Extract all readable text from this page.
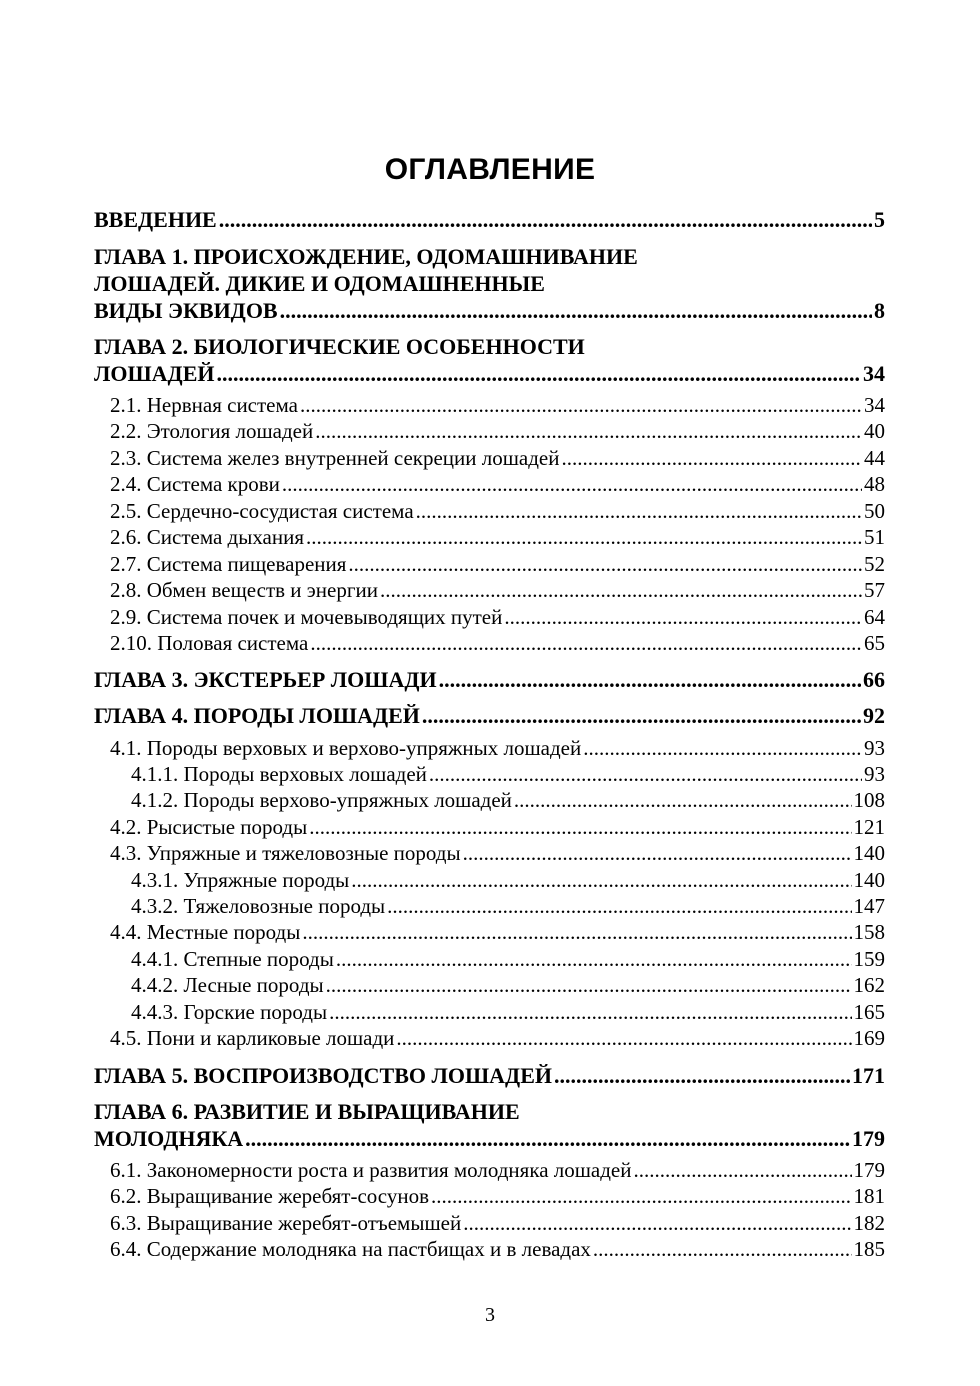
ОГЛАВЛЕНИЕ
ВВЕДЕНИЕ .....	5
ГЛАВА 1. ПРОИСХОЖДЕНИЕ, ОДОМАШНИВАНИЕ
ЛОШАДЕЙ. ДИКИЕ И ОДОМАШНЕННЫЕ
ВИДЫ ЭКВИДОВ .....	8
ГЛАВА 2. БИОЛОГИЧЕСКИЕ ОСОБЕННОСТИ
ЛОШАДЕЙ .....	34
2.1. Нервная система .....	34
2.2. Этология лошадей .....	40
2.3. Система желез внутренней секреции лошадей .....	44
2.4. Система крови .....	48
2.5. Сердечно-сосудистая система .....	50
2.6. Система дыхания .....	51
2.7. Система пищеварения .....	52
2.8. Обмен веществ и энергии .....	57
2.9. Система почек и мочевыводящих путей .....	64
2.10. Половая система .....	65
ГЛАВА 3. ЭКСТЕРЬЕР ЛОШАДИ .....	66
ГЛАВА 4. ПОРОДЫ ЛОШАДЕЙ .....	92
4.1. Породы верховых и верхово-упряжных лошадей .....	93
4.1.1. Породы верховых лошадей .....	93
4.1.2. Породы верхово-упряжных лошадей .....	108
4.2. Рысистые породы .....	121
4.3. Упряжные и тяжеловозные породы .....	140
4.3.1. Упряжные породы .....	140
4.3.2. Тяжеловозные породы .....	147
4.4. Местные породы .....	158
4.4.1. Степные породы .....	159
4.4.2. Лесные породы .....	162
4.4.3. Горские породы .....	165
4.5. Пони и карликовые лошади .....	169
ГЛАВА 5. ВОСПРОИЗВОДСТВО ЛОШАДЕЙ .....	171
ГЛАВА 6. РАЗВИТИЕ И ВЫРАЩИВАНИЕ
МОЛОДНЯКА .....	179
6.1. Закономерности роста и развития молодняка лошадей .....	179
6.2. Выращивание жеребят-сосунов .....	181
6.3. Выращивание жеребят-отъемышей .....	182
6.4. Содержание молодняка на пастбищах и в левадах .....	185
3
